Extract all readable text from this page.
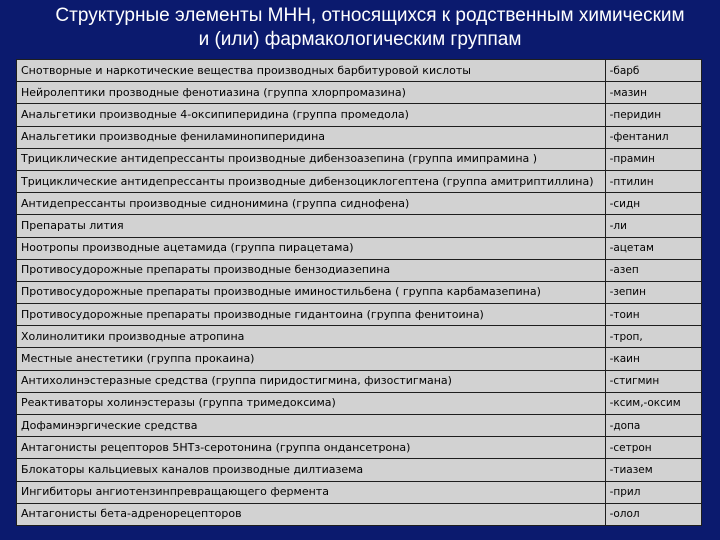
Структурные элементы МНН, относящихся к родственным химическим
и (или) фармакологическим группам
Снотворные и наркотические вещества производных барбитуровой кислоты	-барб
Нейролептики прозводные фенотиазина (группа хлорпромазина)	-мазин
Анальгетики производные 4-оксипиперидина (группа промедола)	-перидин
Анальгетики производные фениламинопиперидина	-фентанил
Трициклические антидепрессанты производные дибензоазепина (группа имипрамина )	-прамин
Трициклические антидепрессанты производные дибензоциклогептена (группа амитриптиллина)	-птилин
Антидепрессанты производные сиднонимина (группа сиднофена)	-сидн
Препараты лития	-ли
Ноотропы производные ацетамида (группа пирацетама)	-ацетам
Противосудорожные препараты производные бензодиазепина	-азеп
Противосудорожные препараты производные иминостильбена ( группа карбамазепина)	-зепин
Противосудорожные препараты производные гидантоина (группа фенитоина)	-тоин
Холинолитики производные атропина	-троп,
Местные анестетики (группа прокаина)	-каин
Антихолинэстеразные средства (группа пиридостигмина, физостигмана)	-стигмин
Реактиваторы холинэстеразы (группа тримедоксима)	-ксим,-оксим
Дофаминэргические средства	-допа
Антагонисты рецепторов 5НТз-серотонина (группа ондансетрона)	-сетрон
Блокаторы кальциевых каналов производные дилтиазема	-тиазем
Ингибиторы ангиотензинпревращающего фермента	-прил
Антагонисты бета-адренорецепторов	-олол
